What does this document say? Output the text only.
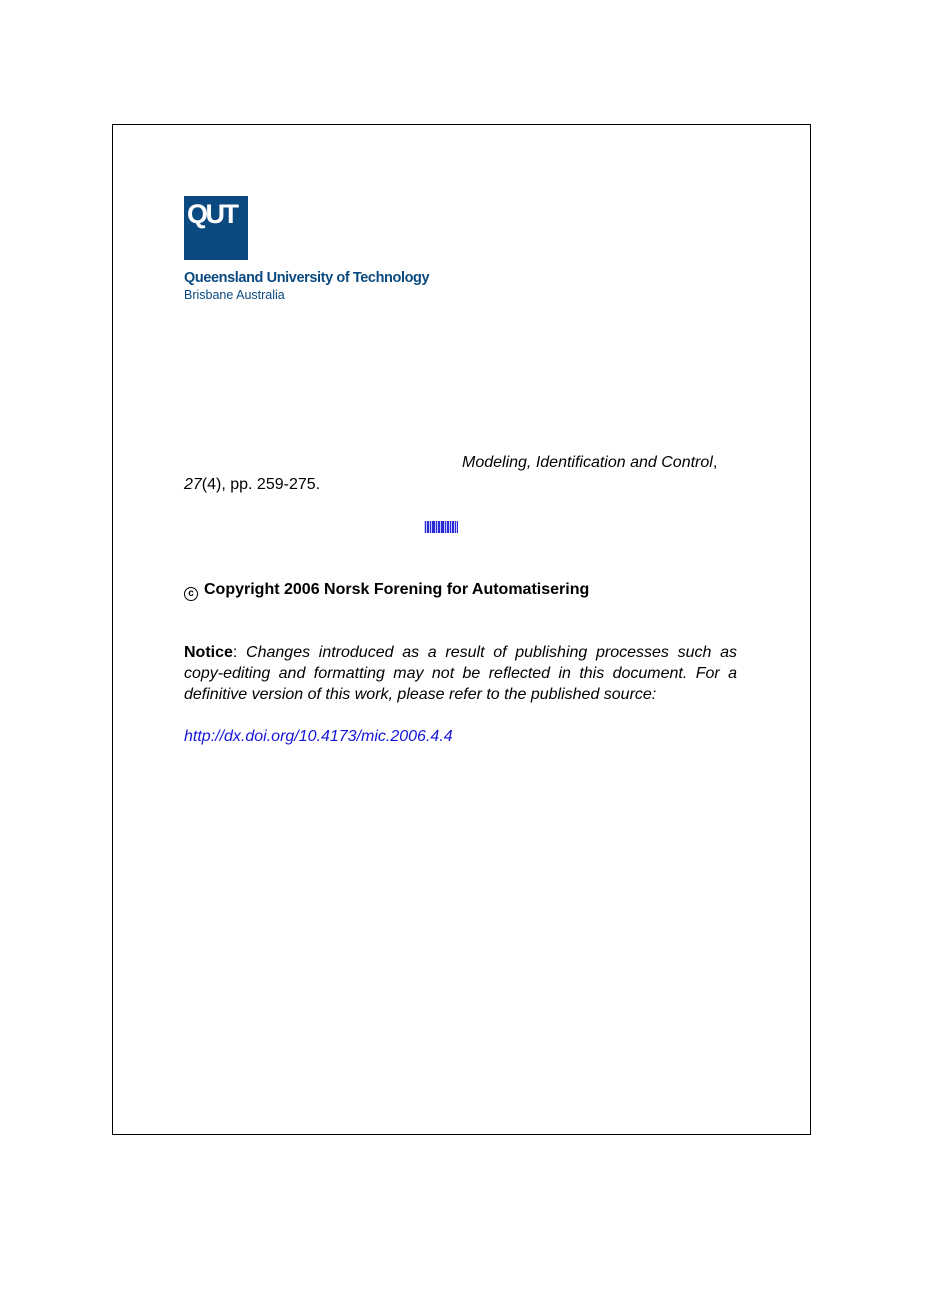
QUT
Queensland University of Technology
Brisbane Australia
Modeling, Identification and Control,
27(4), pp. 259-275.
c Copyright 2006 Norsk Forening for Automatisering
Notice: Changes introduced as a result of publishing processes such as copy-editing and formatting may not be reflected in this document. For a definitive version of this work, please refer to the published source:
http://dx.doi.org/10.4173/mic.2006.4.4
